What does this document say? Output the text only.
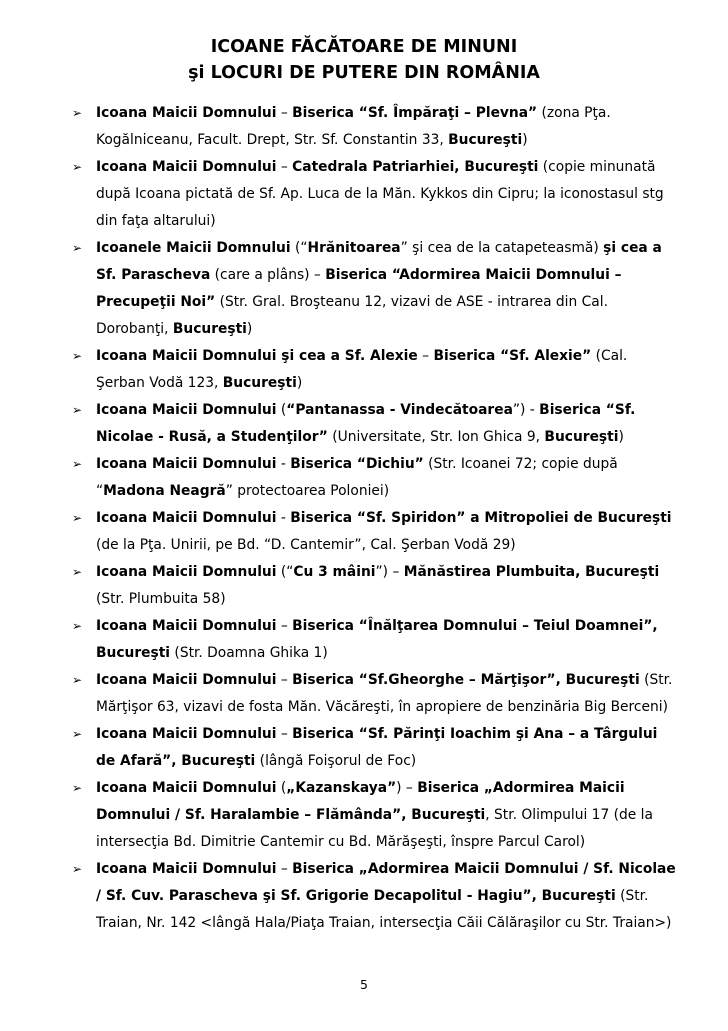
ICOANE FĂCĂTOARE DE MINUNI
şi LOCURI DE PUTERE DIN ROMÂNIA
➢ Icoana Maicii Domnului – Biserica “Sf. Împăraţi – Plevna” (zona Pţa. Kogălniceanu, Facult. Drept, Str. Sf. Constantin 33, Bucureşti)
➢ Icoana Maicii Domnului – Catedrala Patriarhiei, Bucureşti (copie minunată după Icoana pictată de Sf. Ap. Luca de la Măn. Kykkos din Cipru; la iconostasul stg din faţa altarului)
➢ Icoanele Maicii Domnului (“Hrănitoarea” şi cea de la catapeteasmă) şi cea a Sf. Parascheva (care a plâns) – Biserica “Adormirea Maicii Domnului – Precupeţii Noi” (Str. Gral. Broşteanu 12, vizavi de ASE - intrarea din Cal. Dorobanţi, Bucureşti)
➢ Icoana Maicii Domnului şi cea a Sf. Alexie – Biserica “Sf. Alexie” (Cal. Şerban Vodă 123, Bucureşti)
➢ Icoana Maicii Domnului (“Pantanassa - Vindecătoarea”) - Biserica “Sf. Nicolae - Rusă, a Studenţilor” (Universitate, Str. Ion Ghica 9, Bucureşti)
➢ Icoana Maicii Domnului - Biserica “Dichiu” (Str. Icoanei 72; copie după “Madona Neagră” protectoarea Poloniei)
➢ Icoana Maicii Domnului - Biserica “Sf. Spiridon” a Mitropoliei de Bucureşti (de la Pţa. Unirii, pe Bd. “D. Cantemir”, Cal. Şerban Vodă 29)
➢ Icoana Maicii Domnului (“Cu 3 mâini”) – Mănăstirea Plumbuita, Bucureşti (Str. Plumbuita 58)
➢ Icoana Maicii Domnului – Biserica “Înălţarea Domnului – Teiul Doamnei”, Bucureşti (Str. Doamna Ghika 1)
➢ Icoana Maicii Domnului – Biserica “Sf.Gheorghe – Mărţişor”, Bucureşti (Str. Mărţişor 63, vizavi de fosta Măn. Văcăreşti, în apropiere de benzinăria Big Berceni)
➢ Icoana Maicii Domnului – Biserica “Sf. Părinţi Ioachim şi Ana – a Târgului de Afară”, Bucureşti (lângă Foişorul de Foc)
➢ Icoana Maicii Domnului („Kazanskaya”) – Biserica „Adormirea Maicii Domnului / Sf. Haralambie – Flămânda”, Bucureşti, Str. Olimpului 17 (de la intersecţia Bd. Dimitrie Cantemir cu Bd. Mărăşeşti, înspre Parcul Carol)
➢ Icoana Maicii Domnului – Biserica „Adormirea Maicii Domnului / Sf. Nicolae / Sf. Cuv. Parascheva şi Sf. Grigorie Decapolitul - Hagiu”, Bucureşti (Str. Traian, Nr. 142 <lângă Hala/Piaţa Traian, intersecţia Căii Călăraşilor cu Str. Traian>)
5
